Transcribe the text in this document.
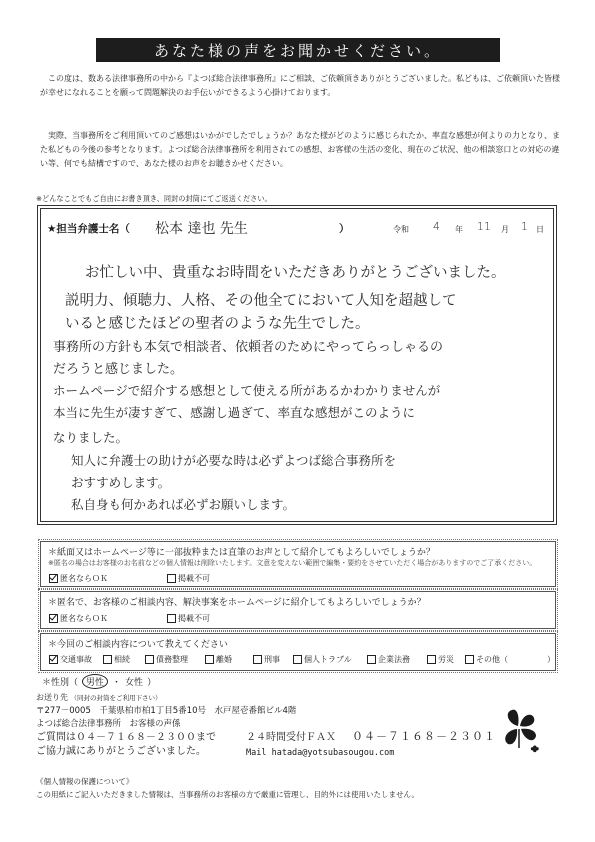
あなた様の声をお聞かせください。

この度は、数ある法律事務所の中から『よつば総合法律事務所』にご相談、ご依頼頂きありがとうございました。私どもは、ご依頼頂いた皆様が幸せになれることを願って問題解決のお手伝いができるよう心掛けております。

実際、当事務所をご利用頂いてのご感想はいかがでしたでしょうか？あなた様がどのように感じられたか、率直な感想が何よりの力となり、また私どもの今後の参考となります。よつば総合法律事務所を利用されての感想、お客様の生活の変化、現在のご状況、他の相談窓口との対応の違い等、何でも結構ですので、あなた様のお声をお聴きかせください。

※どんなことでもご自由にお書き頂き、同封の封筒にてご返送ください。
★担当弁護士名（ 松本 達也 先生	）	令和 4 年 11 月 1 日
お忙しい中、貴重なお時間をいただきありがとうございました。
説明力、傾聴力、人格、その他全てにおいて人知を超越して
いると感じたほどの聖者のような先生でした。
事務所の方針も本気で相談者、依頼者のためにやってらっしゃるの
だろうと感じました。
ホームページで紹介する感想として使える所があるかわかりませんが
本当に先生が凄すぎて、感謝し過ぎて、率直な感想がこのように
なりました。
知人に弁護士の助けが必要な時は必ずよつば総合事務所を
おすすめします。
私自身も何かあれば必ずお願いします。
＊紙面又はホームページ等に一部抜粋または直筆のお声として紹介してもよろしいでしょうか？
※匿名の場合はお客様のお名前などの個人情報は削除いたします。文意を変えない範囲で編集・要約をさせていただく場合がありますのでご了承ください。
匿名ならＯＫ	掲載不可
＊匿名で、お客様のご相談内容、解決事案をホームページに紹介してもよろしいでしょうか？
匿名ならＯＫ	掲載不可
＊今回のご相談内容について教えてください
交通事故	相続	債務整理	離婚	刑事	個人トラブル	企業法務	労災	その他（	）
＊性別（ 男性 ・ 女性 ）
お送り先 （同封の封筒をご利用下さい）
〒277－0005　千葉県柏市柏1丁目5番10号　水戸屋壱番館ビル4階
よつば総合法律事務所　お客様の声係
ご質問は０４－７１６８－２３００まで	２４時間受付ＦＡＸ ０４－７１６８－２３０１
ご協力誠にありがとうございました。	Mail hatada@yotsubasougou.com
《個人情報の保護について》
この用紙にご記入いただきました情報は、当事務所のお客様の方で厳重に管理し、目的外には使用いたしません。
